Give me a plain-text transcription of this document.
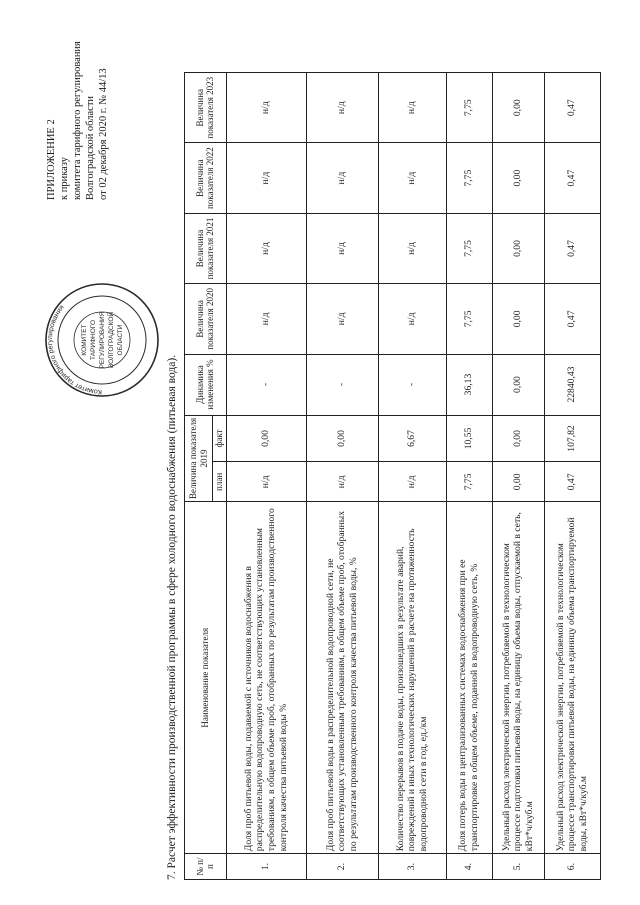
КОМИТЕТ ТАРИФНОГО РЕГУЛИРОВАНИЯ ВОЛГОГРАДСКОЙ ОБЛАСТИ
Комитет тарифного регулирования
ПРИЛОЖЕНИЕ 2 к приказу комитета тарифного регулирования Волгоградской области от 02 декабря 2020 г. № 44/13
7. Расчет эффективности производственной программы в сфере холодного водоснабжения (питьевая вода). № п/п	Наименование показателя	Величина показателя 2019		Динамика изменения %	Величина показателя 2020	Величина показателя 2021	Величина показателя 2022	Величина показателя 2023
		план	факт					
1.	Доля проб питьевой воды, подаваемой с источников водоснабжения в распределительную водопроводную сеть, не соответствующих установленным требованиям, в общем объеме проб, отобранных по результатам производственного контроля качества питьевой воды %	н/д	0,00	-	н/д	н/д	н/д	н/д
2.	Доля проб питьевой воды в распределительной водопроводной сети, не соответствующих установленным требованиям, в общем объеме проб, отобранных по результатам производственного контроля качества питьевой воды, %	н/д	0,00	-	н/д	н/д	н/д	н/д
3.	Количество перерывов в подаче воды, произошедших в результате аварий, повреждений и иных технологических нарушений в расчете на протяженность водопроводной сети в год, ед./км	н/д	6,67	-	н/д	н/д	н/д	н/д
4.	Доля потерь воды в централизованных системах водоснабжения при ее транспортировке в общем объеме, поданной в водопроводную сеть, %	7,75	10,55	36,13	7,75	7,75	7,75	7,75
5.	Удельный расход электрической энергии, потребляемой в технологическом процессе подготовки питьевой воды, на единицу объема воды, отпускаемой в сеть, кВт*ч/куб.м	0,00	0,00	0,00	0,00	0,00	0,00	0,00
6.	Удельный расход электрической энергии, потребляемой в технологическом процессе транспортировки питьевой воды, на единицу объема транспортируемой воды, кВт*ч/куб.м	0,47	107,82	22840,43	0,47	0,47	0,47	0,47
